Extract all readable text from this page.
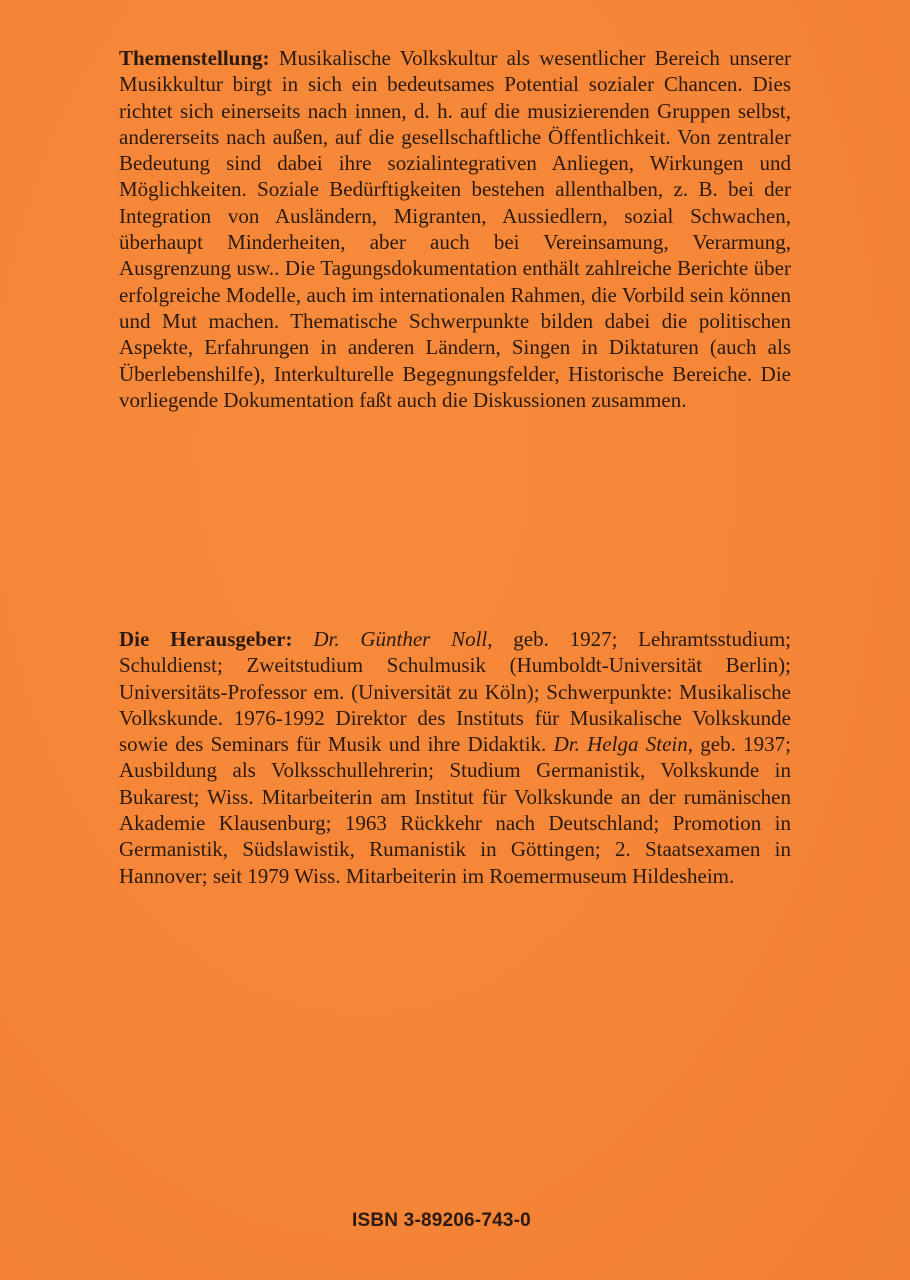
Themenstellung: Musikalische Volkskultur als wesentlicher Bereich unserer Musikkultur birgt in sich ein bedeutsames Potential sozialer Chancen. Dies richtet sich einerseits nach innen, d. h. auf die musizierenden Gruppen selbst, andererseits nach außen, auf die gesellschaftliche Öffentlichkeit. Von zentraler Bedeutung sind dabei ihre sozialintegrativen Anliegen, Wirkungen und Möglichkeiten. Soziale Bedürftigkeiten bestehen allenthalben, z. B. bei der Integration von Ausländern, Migranten, Aussiedlern, sozial Schwachen, überhaupt Minderheiten, aber auch bei Vereinsamung, Verarmung, Ausgrenzung usw.. Die Tagungsdokumentation enthält zahlreiche Berichte über erfolgreiche Modelle, auch im internationalen Rahmen, die Vorbild sein können und Mut machen. Thematische Schwerpunkte bilden dabei die politischen Aspekte, Erfahrungen in anderen Ländern, Singen in Diktaturen (auch als Überlebenshilfe), Interkulturelle Begegnungsfelder, Historische Bereiche. Die vorliegende Dokumentation faßt auch die Diskussionen zusammen.
Die Herausgeber: Dr. Günther Noll, geb. 1927; Lehramtsstudium; Schuldienst; Zweitstudium Schulmusik (Humboldt-Universität Berlin); Universitäts-Professor em. (Universität zu Köln); Schwerpunkte: Musikalische Volkskunde. 1976-1992 Direktor des Instituts für Musikalische Volkskunde sowie des Seminars für Musik und ihre Didaktik. Dr. Helga Stein, geb. 1937; Ausbildung als Volksschullehrerin; Studium Germanistik, Volkskunde in Bukarest; Wiss. Mitarbeiterin am Institut für Volkskunde an der rumänischen Akademie Klausenburg; 1963 Rückkehr nach Deutschland; Promotion in Germanistik, Südslawistik, Rumanistik in Göttingen; 2. Staatsexamen in Hannover; seit 1979 Wiss. Mitarbeiterin im Roemermuseum Hildesheim.
ISBN 3-89206-743-0
